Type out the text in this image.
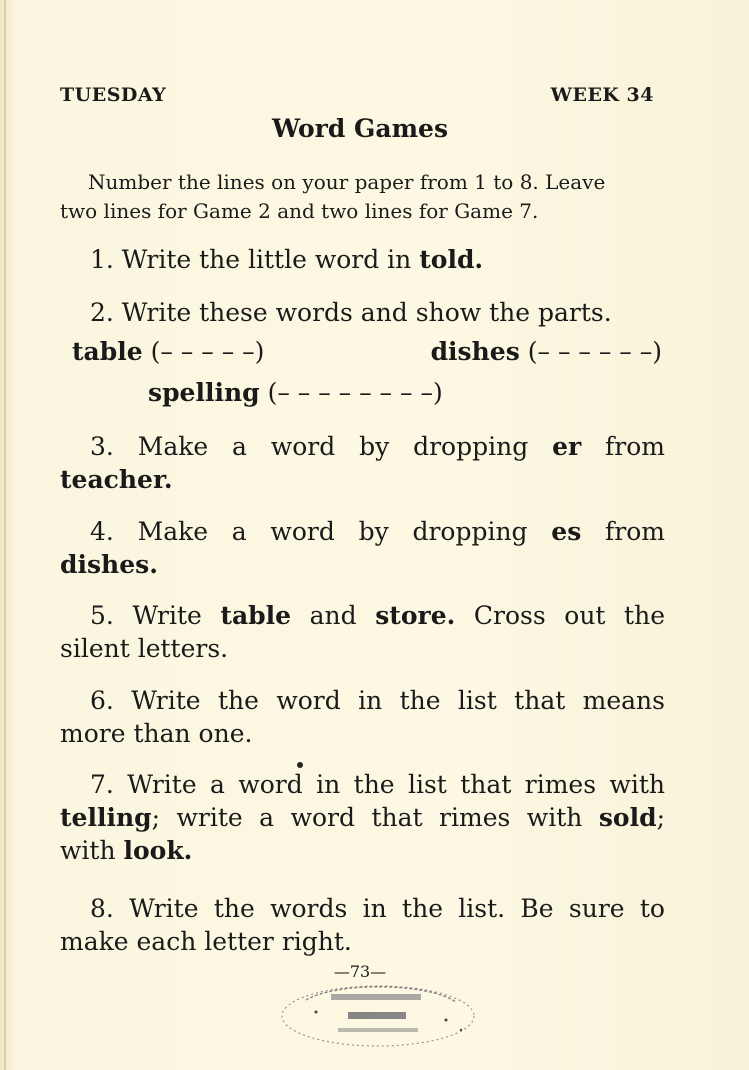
TUESDAY	WEEK 34
Word Games
Number the lines on your paper from 1 to 8. Leave
two lines for Game 2 and two lines for Game 7.
1. Write the little word in told.
2. Write these words and show the parts.
table (– – – – –)	dishes (– – – – – –)
spelling (– – – – – – – –)
3. Make a word by dropping er from
teacher.
4. Make a word by dropping es from
dishes.
5. Write table and store. Cross out the
silent letters.
6. Write the word in the list that means
more than one.
7. Write a word in the list that rimes with
telling; write a word that rimes with sold;
with look.
8. Write the words in the list. Be sure to
make each letter right.
—73—
